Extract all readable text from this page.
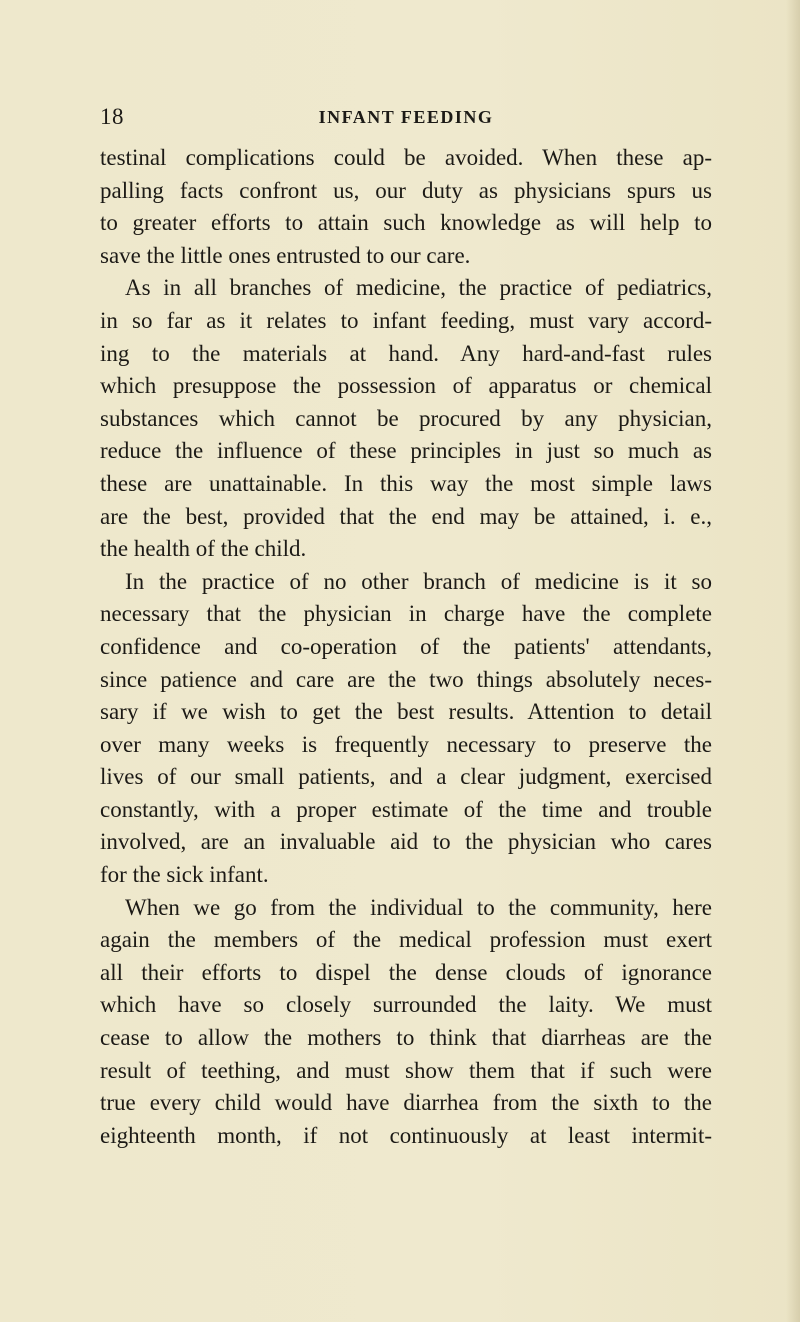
18	INFANT FEEDING

testinal complications could be avoided. When these ap-

palling facts confront us, our duty as physicians spurs us

to greater efforts to attain such knowledge as will help to

save the little ones entrusted to our care.

As in all branches of medicine, the practice of pediatrics,

in so far as it relates to infant feeding, must vary accord-

ing to the materials at hand. Any hard-and-fast rules

which presuppose the possession of apparatus or chemical

substances which cannot be procured by any physician,

reduce the influence of these principles in just so much as

these are unattainable. In this way the most simple laws

are the best, provided that the end may be attained, i. e.,

the health of the child.

In the practice of no other branch of medicine is it so

necessary that the physician in charge have the complete

confidence and co-operation of the patients' attendants,

since patience and care are the two things absolutely neces-

sary if we wish to get the best results. Attention to detail

over many weeks is frequently necessary to preserve the

lives of our small patients, and a clear judgment, exercised

constantly, with a proper estimate of the time and trouble

involved, are an invaluable aid to the physician who cares

for the sick infant.

When we go from the individual to the community, here

again the members of the medical profession must exert

all their efforts to dispel the dense clouds of ignorance

which have so closely surrounded the laity. We must

cease to allow the mothers to think that diarrheas are the

result of teething, and must show them that if such were

true every child would have diarrhea from the sixth to the

eighteenth month, if not continuously at least intermit-
